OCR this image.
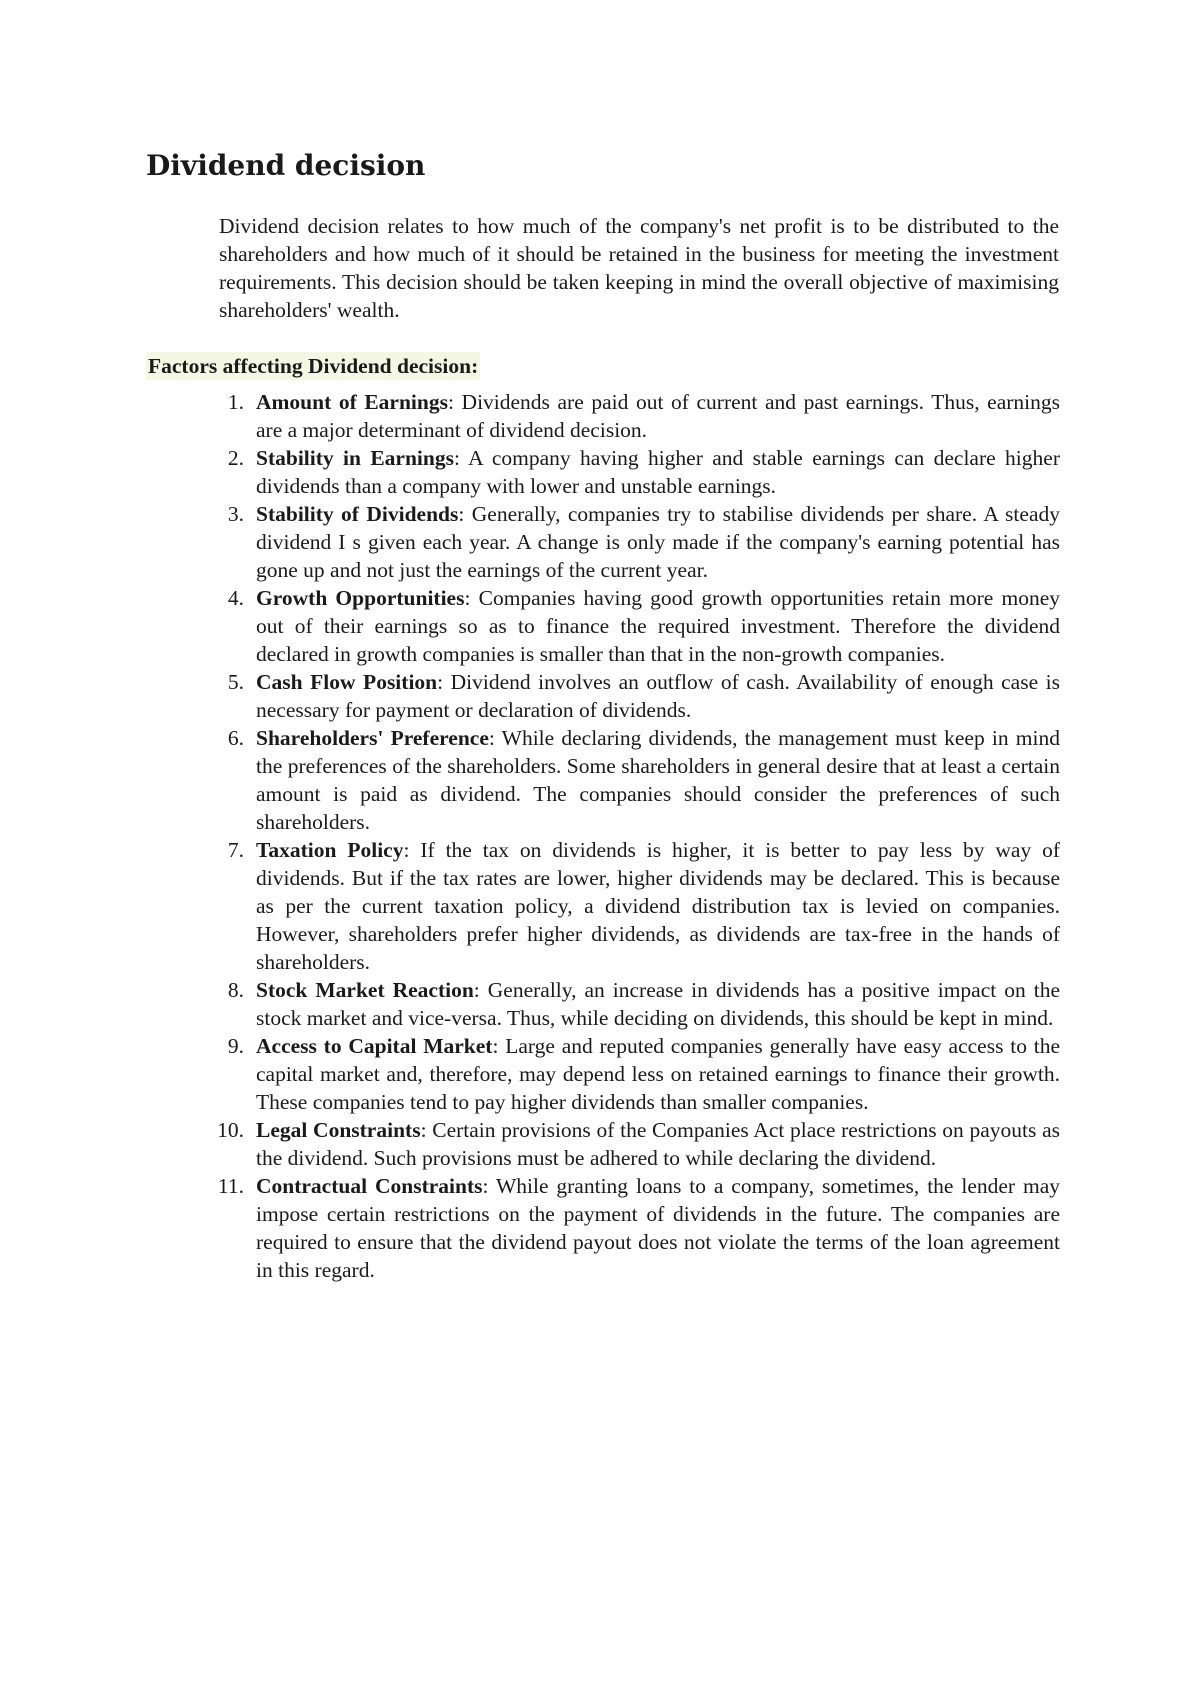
Dividend decision

Dividend decision relates to how much of the company's net profit is to be distributed to the shareholders and how much of it should be retained in the business for meeting the investment requirements. This decision should be taken keeping in mind the overall objective of maximising shareholders' wealth.

Factors affecting Dividend decision:

1. Amount of Earnings: Dividends are paid out of current and past earnings. Thus, earnings are a major determinant of dividend decision.
2. Stability in Earnings: A company having higher and stable earnings can declare higher dividends than a company with lower and unstable earnings.
3. Stability of Dividends: Generally, companies try to stabilise dividends per share. A steady dividend I s given each year. A change is only made if the company's earning potential has gone up and not just the earnings of the current year.
4. Growth Opportunities: Companies having good growth opportunities retain more money out of their earnings so as to finance the required investment. Therefore the dividend declared in growth companies is smaller than that in the non-growth companies.
5. Cash Flow Position: Dividend involves an outflow of cash. Availability of enough case is necessary for payment or declaration of dividends.
6. Shareholders' Preference: While declaring dividends, the management must keep in mind the preferences of the shareholders. Some shareholders in general desire that at least a certain amount is paid as dividend. The companies should consider the preferences of such shareholders.
7. Taxation Policy: If the tax on dividends is higher, it is better to pay less by way of dividends. But if the tax rates are lower, higher dividends may be declared. This is because as per the current taxation policy, a dividend distribution tax is levied on companies. However, shareholders prefer higher dividends, as dividends are tax-free in the hands of shareholders.
8. Stock Market Reaction: Generally, an increase in dividends has a positive impact on the stock market and vice-versa. Thus, while deciding on dividends, this should be kept in mind.
9. Access to Capital Market: Large and reputed companies generally have easy access to the capital market and, therefore, may depend less on retained earnings to finance their growth. These companies tend to pay higher dividends than smaller companies.
10. Legal Constraints: Certain provisions of the Companies Act place restrictions on payouts as the dividend. Such provisions must be adhered to while declaring the dividend.
11. Contractual Constraints: While granting loans to a company, sometimes, the lender may impose certain restrictions on the payment of dividends in the future. The companies are required to ensure that the dividend payout does not violate the terms of the loan agreement in this regard.
